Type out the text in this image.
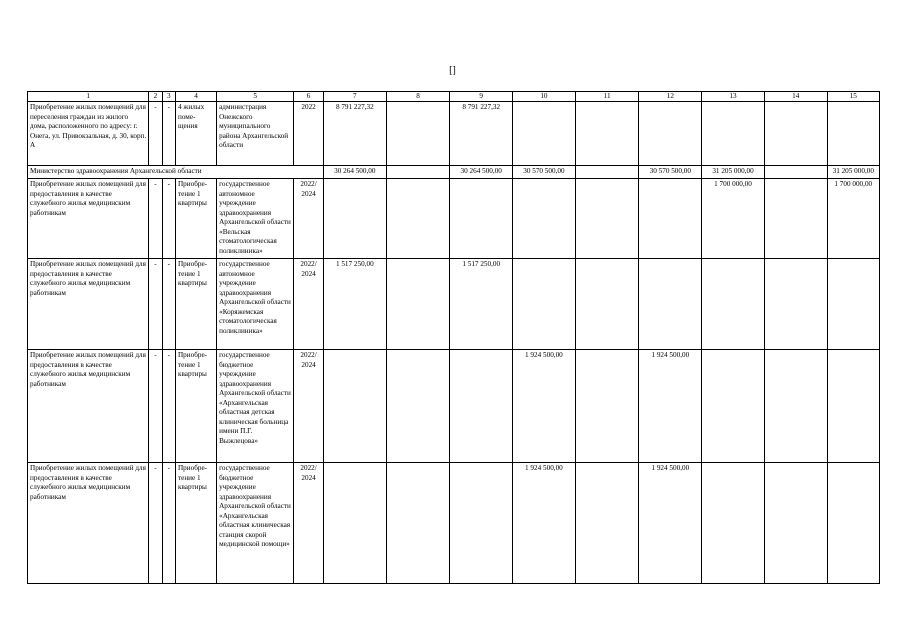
[]
1	2	3	4	5	6	7	8	9	10	11	12	13	14	15
Приобретение жилых помещений для переселения граждан из жилого дома, расположенного по адресу: г. Онега, ул. Привокзальная, д. 30, корп. А	-	-	4 жилых поме-щения	администрация Онежского муниципального района Архангельской области	2022	8 791 227,32		8 791 227,32						
Министерство здравоохранения Архангельской области						30 264 500,00		30 264 500,00	30 570 500,00		30 570 500,00	31 205 000,00		31 205 000,00
Приобретение жилых помещений для предоставления в качестве служебного жилья медицинским работникам	-	-	Приобре-тение 1 квартиры	государственное автономное учреждение здравоохранения Архангельской области «Вельская стоматологическая поликлиника»	2022/ 2024							1 700 000,00		1 700 000,00
Приобретение жилых помещений для предоставления в качестве служебного жилья медицинским работникам	-	-	Приобре-тение 1 квартиры	государственное автономное учреждение здравоохранения Архангельской области «Коряжемская стоматологическая поликлиника»	2022/ 2024	1 517 250,00		1 517 250,00						
Приобретение жилых помещений для предоставления в качестве служебного жилья медицинским работникам	-	-	Приобре-тение 1 квартиры	государственное бюджетное учреждение здравоохранения Архангельской области «Архангельская областная детская клиническая больница имени П.Г. Выжлецова»	2022/ 2024				1 924 500,00		1 924 500,00			
Приобретение жилых помещений для предоставления в качестве служебного жилья медицинским работникам	-	-	Приобре-тение 1 квартиры	государственное бюджетное учреждение здравоохранения Архангельской области «Архангельская областная клиническая станция скорой медицинской помощи»	2022/ 2024				1 924 500,00		1 924 500,00			
